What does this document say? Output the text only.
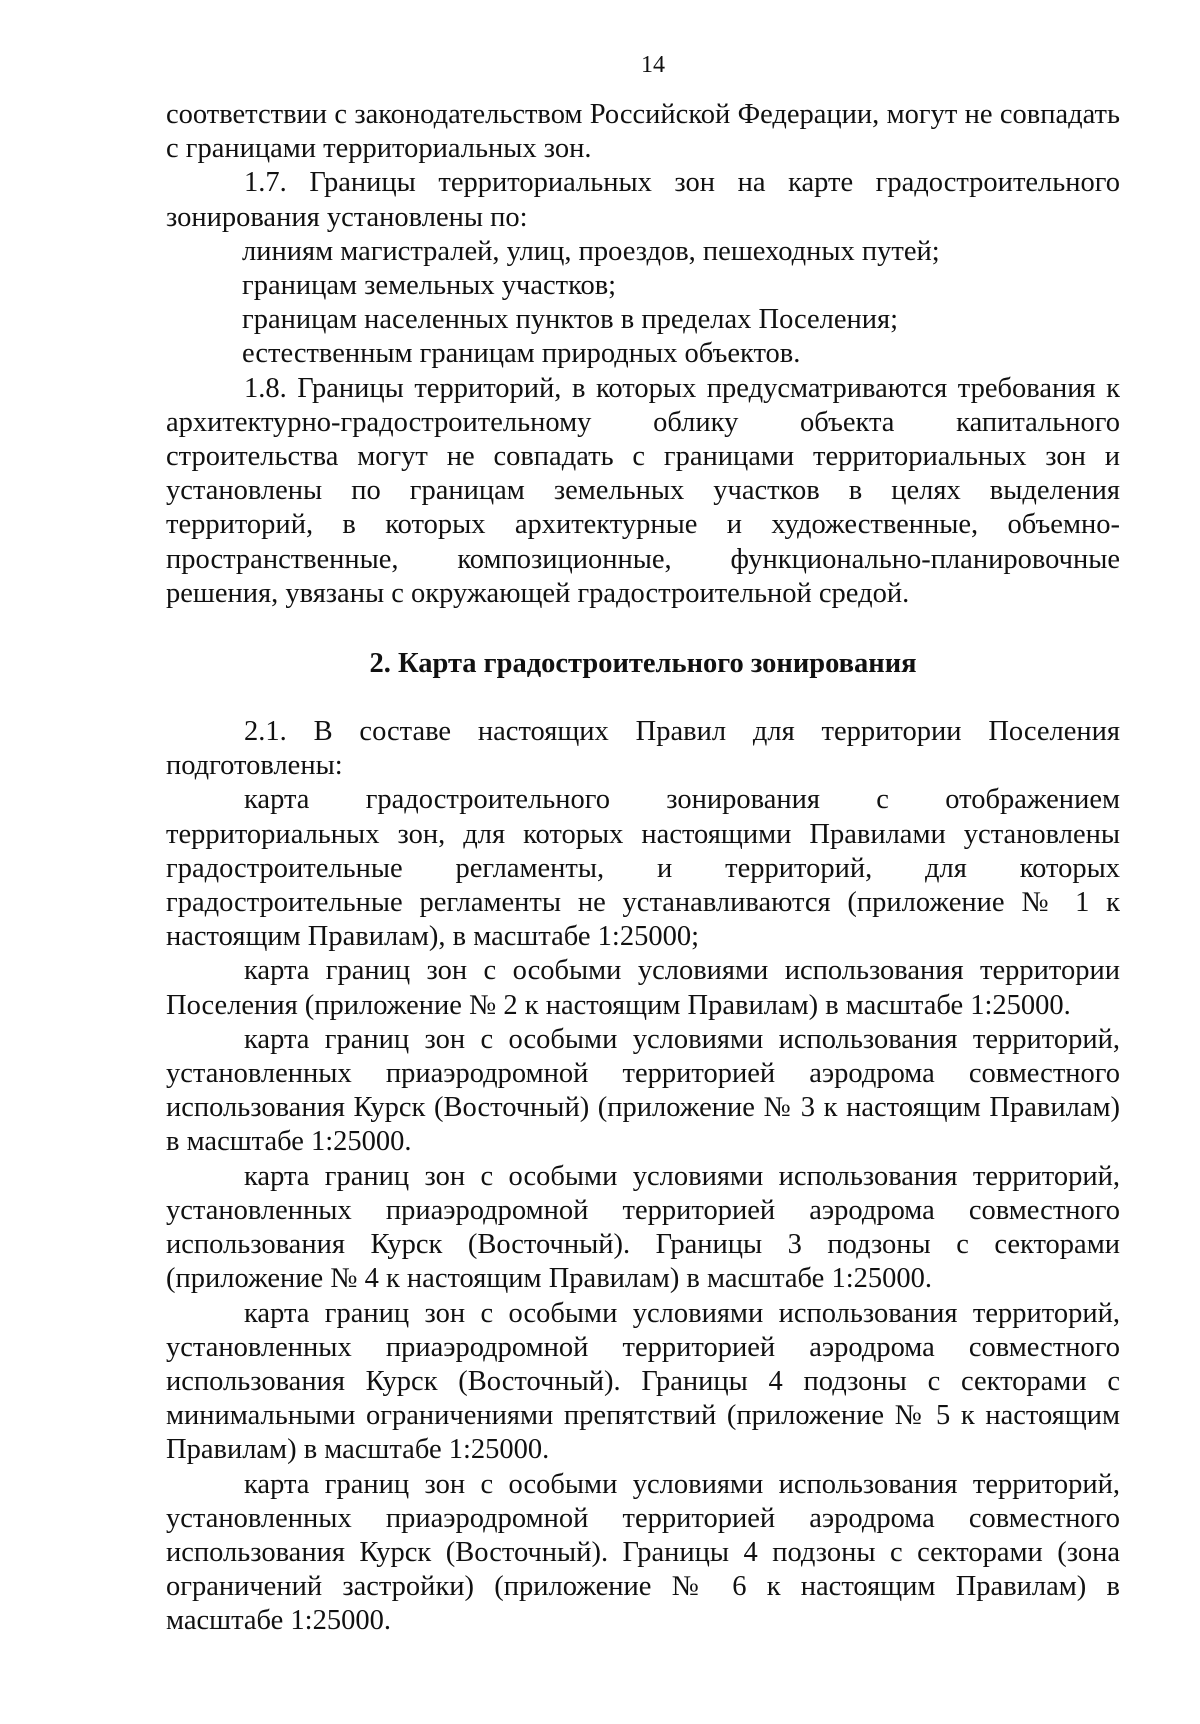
14

соответствии с законодательством Российской Федерации, могут не совпадать с границами территориальных зон.

1.7. Границы территориальных зон на карте градостроительного зонирования установлены по:

линиям магистралей, улиц, проездов, пешеходных путей;

границам земельных участков;

границам населенных пунктов в пределах Поселения;

естественным границам природных объектов.

1.8. Границы территорий, в которых предусматриваются требования к архитектурно-градостроительному облику объекта капитального строительства могут не совпадать с границами территориальных зон и установлены по границам земельных участков в целях выделения территорий, в которых архитектурные и художественные, объемно-пространственные, композиционные, функционально-планировочные решения, увязаны с окружающей градостроительной средой.

2. Карта градостроительного зонирования

2.1. В составе настоящих Правил для территории Поселения подготовлены:

карта градостроительного зонирования с отображением территориальных зон, для которых настоящими Правилами установлены градостроительные регламенты, и территорий, для которых градостроительные регламенты не устанавливаются (приложение № 1 к настоящим Правилам), в масштабе 1:25000;

карта границ зон с особыми условиями использования территории Поселения (приложение № 2 к настоящим Правилам) в масштабе 1:25000.

карта границ зон с особыми условиями использования территорий, установленных приаэродромной территорией аэродрома совместного использования Курск (Восточный) (приложение № 3 к настоящим Правилам) в масштабе 1:25000.

карта границ зон с особыми условиями использования территорий, установленных приаэродромной территорией аэродрома совместного использования Курск (Восточный). Границы 3 подзоны с секторами (приложение № 4 к настоящим Правилам) в масштабе 1:25000.

карта границ зон с особыми условиями использования территорий, установленных приаэродромной территорией аэродрома совместного использования Курск (Восточный). Границы 4 подзоны с секторами с минимальными ограничениями препятствий (приложение № 5 к настоящим Правилам) в масштабе 1:25000.

карта границ зон с особыми условиями использования территорий, установленных приаэродромной территорией аэродрома совместного использования Курск (Восточный). Границы 4 подзоны с секторами (зона ограничений застройки) (приложение № 6 к настоящим Правилам) в масштабе 1:25000.
